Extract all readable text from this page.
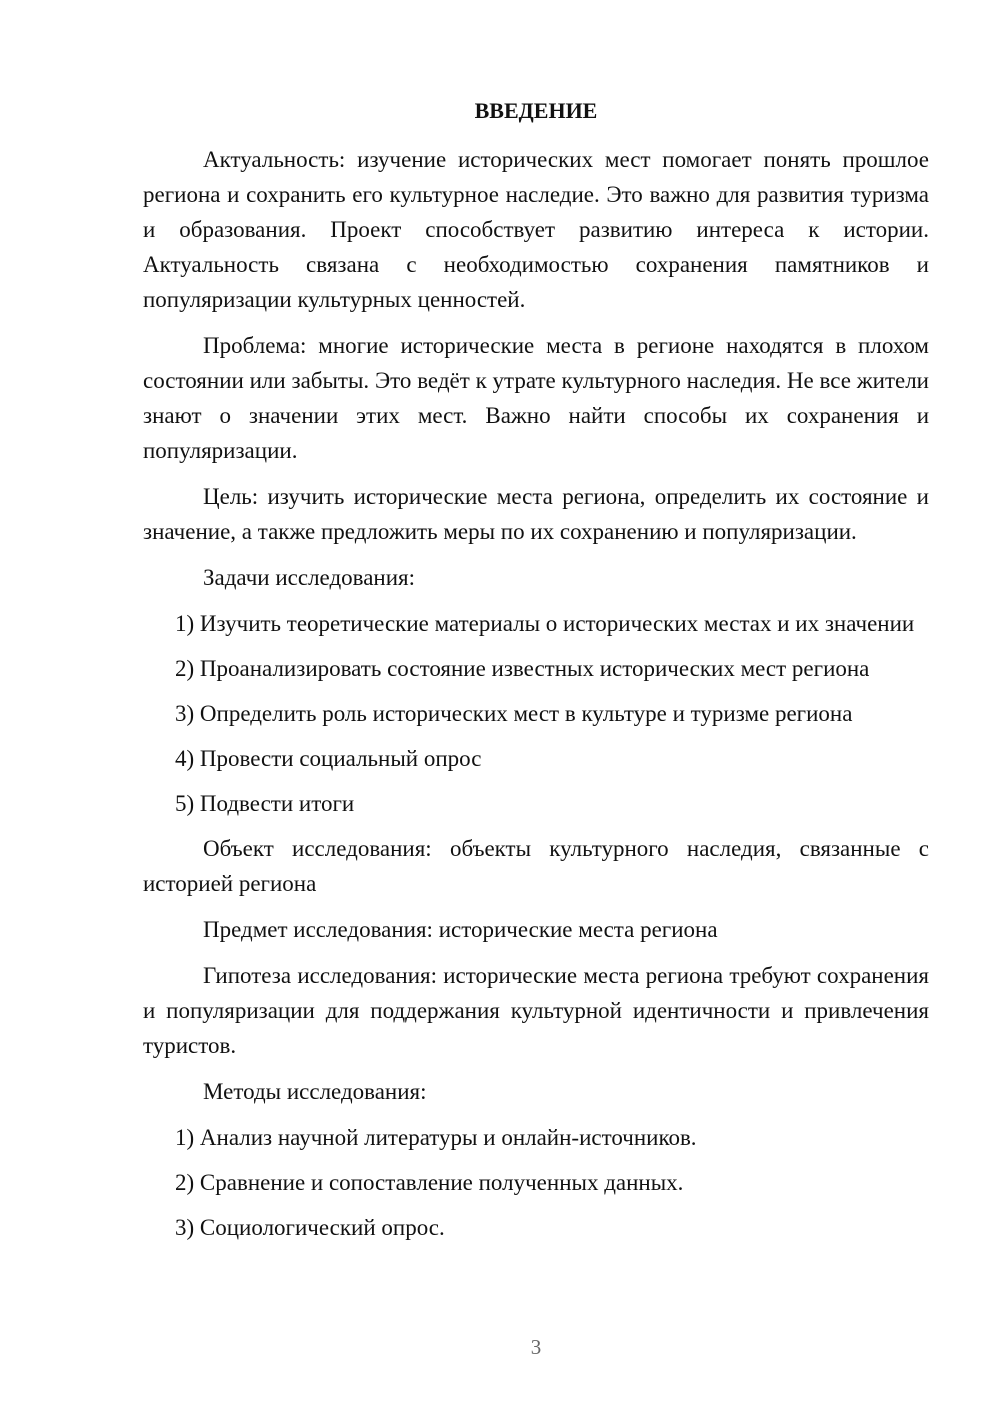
ВВЕДЕНИЕ

Актуальность: изучение исторических мест помогает понять прошлое региона и сохранить его культурное наследие. Это важно для развития туризма и образования. Проект способствует развитию интереса к истории. Актуальность связана с необходимостью сохранения памятников и популяризации культурных ценностей.

Проблема: многие исторические места в регионе находятся в плохом состоянии или забыты. Это ведёт к утрате культурного наследия. Не все жители знают о значении этих мест. Важно найти способы их сохранения и популяризации.

Цель: изучить исторические места региона, определить их состояние и значение, а также предложить меры по их сохранению и популяризации.

Задачи исследования:

1) Изучить теоретические материалы о исторических местах и их значении

2) Проанализировать состояние известных исторических мест региона

3) Определить роль исторических мест в культуре и туризме региона

4) Провести социальный опрос

5) Подвести итоги

Объект исследования: объекты культурного наследия, связанные с историей региона

Предмет исследования: исторические места региона

Гипотеза исследования: исторические места региона требуют сохранения и популяризации для поддержания культурной идентичности и привлечения туристов.

Методы исследования:

1) Анализ научной литературы и онлайн-источников.

2) Сравнение и сопоставление полученных данных.

3) Социологический опрос.

3
